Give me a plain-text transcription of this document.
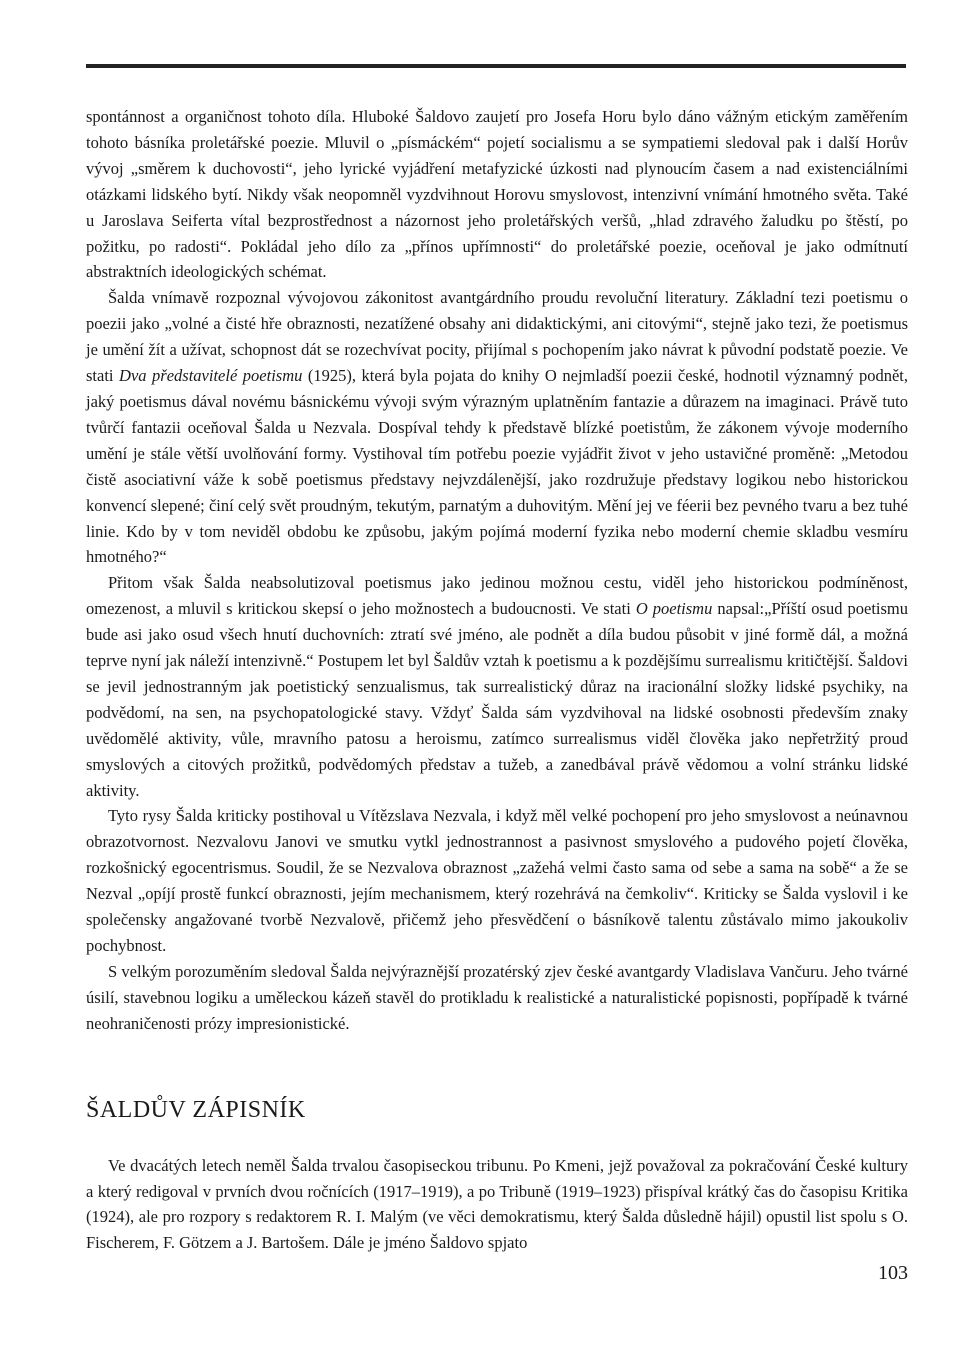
spontánnost a organičnost tohoto díla. Hluboké Šaldovo zaujetí pro Josefa Horu bylo dáno vážným etickým zaměřením tohoto básníka proletářské poezie. Mluvil o „písmáckém“ pojetí socialismu a se sympatiemi sledoval pak i další Horův vývoj „směrem k duchovosti“, jeho lyrické vyjádření metafyzické úzkosti nad plynoucím časem a nad existenciálními otázkami lidského bytí. Nikdy však neopomněl vyzdvihnout Horovu smyslovost, intenzivní vnímání hmotného světa. Také u Jaroslava Seiferta vítal bezprostřednost a názornost jeho proletářských veršů, „hlad zdravého žaludku po štěstí, po požitku, po radosti“. Pokládal jeho dílo za „přínos upřímnosti“ do proletářské poezie, oceňoval je jako odmítnutí abstraktních ideologických schémat.

Šalda vnímavě rozpoznal vývojovou zákonitost avantgárdního proudu revoluční literatury. Základní tezi poetismu o poezii jako „volné a čisté hře obraznosti, nezatížené obsahy ani didaktickými, ani citovými“, stejně jako tezi, že poetismus je umění žít a užívat, schopnost dát se rozechvívat pocity, přijímal s pochopením jako návrat k původní podstatě poezie. Ve stati Dva představitelé poetismu (1925), která byla pojata do knihy O nejmladší poezii české, hodnotil významný podnět, jaký poetismus dával novému básnickému vývoji svým výrazným uplatněním fantazie a důrazem na imaginaci. Právě tuto tvůrčí fantazii oceňoval Šalda u Nezvala. Dospíval tehdy k představě blízké poetistům, že zákonem vývoje moderního umění je stále větší uvolňování formy. Vystihoval tím potřebu poezie vyjádřit život v jeho ustavičné proměně: „Metodou čistě asociativní váže k sobě poetismus představy nejvzdálenější, jako rozdružuje představy logikou nebo historickou konvencí slepené; činí celý svět proudným, tekutým, parnatým a duhovitým. Mění jej ve féerii bez pevného tvaru a bez tuhé linie. Kdo by v tom neviděl obdobu ke způsobu, jakým pojímá moderní fyzika nebo moderní chemie skladbu vesmíru hmotného?“

Přitom však Šalda neabsolutizoval poetismus jako jedinou možnou cestu, viděl jeho historickou podmíněnost, omezenost, a mluvil s kritickou skepsí o jeho možnostech a budoucnosti. Ve stati O poetismu napsal:„Příští osud poetismu bude asi jako osud všech hnutí duchovních: ztratí své jméno, ale podnět a díla budou působit v jiné formě dál, a možná teprve nyní jak náleží intenzivně.“ Postupem let byl Šaldův vztah k poetismu a k pozdějšímu surrealismu kritičtější. Šaldovi se jevil jednostranným jak poetistický senzualismus, tak surrealistický důraz na iracionální složky lidské psychiky, na podvědomí, na sen, na psychopatologické stavy. Vždyť Šalda sám vyzdvihoval na lidské osobnosti především znaky uvědomělé aktivity, vůle, mravního patosu a heroismu, zatímco surrealismus viděl člověka jako nepřetržitý proud smyslových a citových prožitků, podvědomých představ a tužeb, a zanedbával právě vědomou a volní stránku lidské aktivity.

Tyto rysy Šalda kriticky postihoval u Vítězslava Nezvala, i když měl velké pochopení pro jeho smyslovost a neúnavnou obrazotvornost. Nezvalovu Janovi ve smutku vytkl jednostrannost a pasivnost smyslového a pudového pojetí člověka, rozkošnický egocentrismus. Soudil, že se Nezvalova obraznost „zažehá velmi často sama od sebe a sama na sobě“ a že se Nezval „opíjí prostě funkcí obraznosti, jejím mechanismem, který rozehrává na čemkoliv“. Kriticky se Šalda vyslovil i ke společensky angažované tvorbě Nezvalově, přičemž jeho přesvědčení o básníkově talentu zůstávalo mimo jakoukoliv pochybnost.

S velkým porozuměním sledoval Šalda nejvýraznější prozatérský zjev české avantgardy Vladislava Vančuru. Jeho tvárné úsilí, stavebnou logiku a uměleckou kázeň stavěl do protikladu k realistické a naturalistické popisnosti, popřípadě k tvárné neohraničenosti prózy impresionistické.

ŠALDŮV ZÁPISNÍK

Ve dvacátých letech neměl Šalda trvalou časopiseckou tribunu. Po Kmeni, jejž považoval za pokračování České kultury a který redigoval v prvních dvou ročnících (1917–1919), a po Tribuně (1919–1923) přispíval krátký čas do časopisu Kritika (1924), ale pro rozpory s redaktorem R. I. Malým (ve věci demokratismu, který Šalda důsledně hájil) opustil list spolu s O. Fischerem, F. Götzem a J. Bartošem. Dále je jméno Šaldovo spjato

103
